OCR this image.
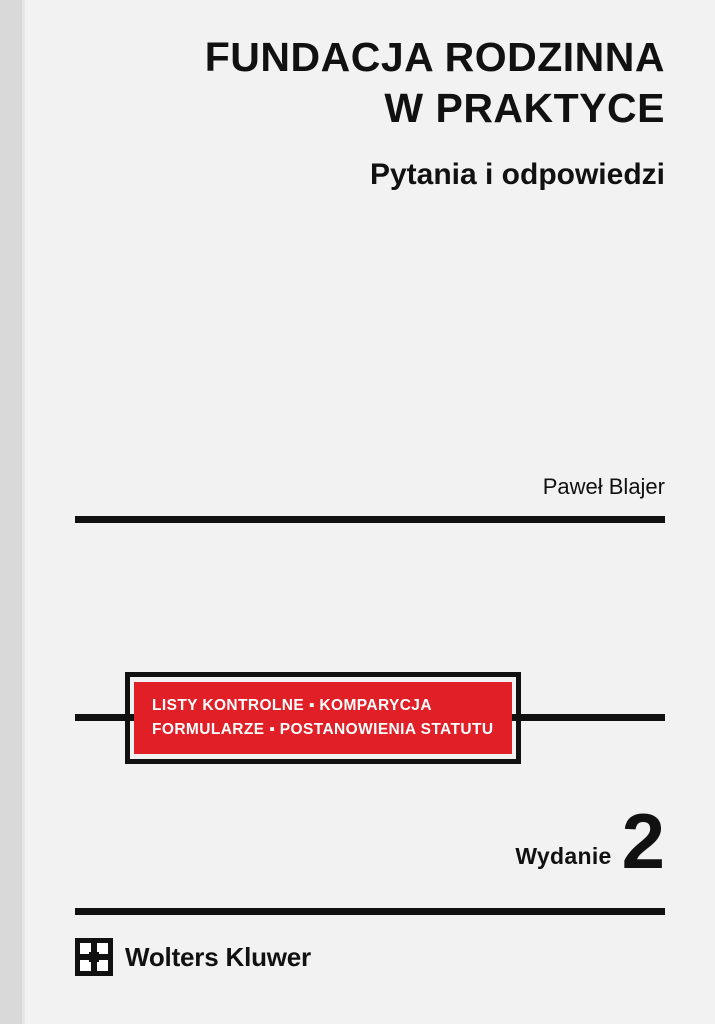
FUNDACJA RODZINNA
W PRAKTYCE
Pytania i odpowiedzi
Paweł Blajer
LISTY KONTROLNE ▪ KOMPARYCJA
FORMULARZE ▪ POSTANOWIENIA STATUTU
Wydanie 2
Wolters Kluwer
